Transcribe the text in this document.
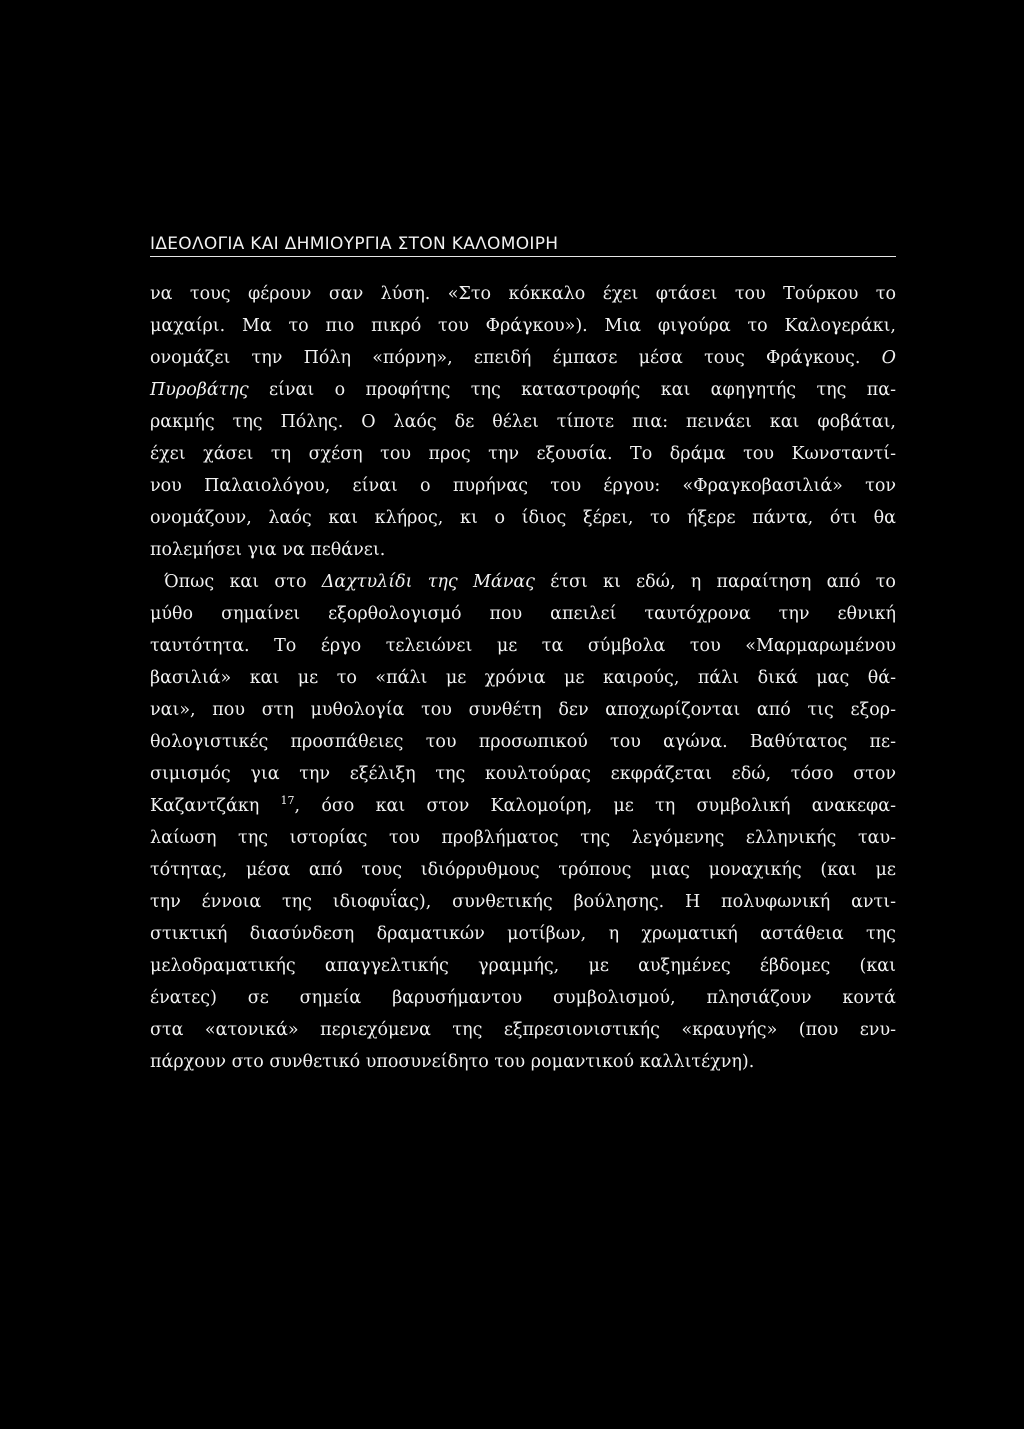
ΙΔΕΟΛΟΓΙΑ ΚΑΙ ΔΗΜΙΟΥΡΓΙΑ ΣΤΟΝ ΚΑΛΟΜΟΙΡΗ
να τους φέρουν σαν λύση. «Στο κόκκαλο έχει φτάσει του Τούρκου το
μαχαίρι. Μα το πιο πικρό του Φράγκου»). Μια φιγούρα το Καλογεράκι,
ονομάζει την Πόλη «πόρνη», επειδή έμπασε μέσα τους Φράγκους. Ο
Πυροβάτης είναι ο προφήτης της καταστροφής και αφηγητής της πα-
ρακμής της Πόλης. Ο λαός δε θέλει τίποτε πια: πεινάει και φοβάται,
έχει χάσει τη σχέση του προς την εξουσία. Το δράμα του Κωνσταντί-
νου Παλαιολόγου, είναι ο πυρήνας του έργου: «Φραγκοβασιλιά» τον
ονομάζουν, λαός και κλήρος, κι ο ίδιος ξέρει, το ήξερε πάντα, ότι θα
πολεμήσει για να πεθάνει.
Όπως και στο Δαχτυλίδι της Μάνας έτσι κι εδώ, η παραίτηση από το
μύθο σημαίνει εξορθολογισμό που απειλεί ταυτόχρονα την εθνική
ταυτότητα. Το έργο τελειώνει με τα σύμβολα του «Μαρμαρωμένου
βασιλιά» και με το «πάλι με χρόνια με καιρούς, πάλι δικά μας θά-
ναι», που στη μυθολογία του συνθέτη δεν αποχωρίζονται από τις εξορ-
θολογιστικές προσπάθειες του προσωπικού του αγώνα. Βαθύτατος πε-
σιμισμός για την εξέλιξη της κουλτούρας εκφράζεται εδώ, τόσο στον
Καζαντζάκη $^{17}$, όσο και στον Καλομοίρη, με τη συμβολική ανακεφα-
λαίωση της ιστορίας του προβλήματος της λεγόμενης ελληνικής ταυ-
τότητας, μέσα από τους ιδιόρρυθμους τρόπους μιας μοναχικής (και με
την έννοια της ιδιοφυΐας), συνθετικής βούλησης. Η πολυφωνική αντι-
στικτική διασύνδεση δραματικών μοτίβων, η χρωματική αστάθεια της
μελοδραματικής απαγγελτικής γραμμής, με αυξημένες έβδομες (και
ένατες) σε σημεία βαρυσήμαντου συμβολισμού, πλησιάζουν κοντά
στα «ατονικά» περιεχόμενα της εξπρεσιονιστικής «κραυγής» (που ενυ-
πάρχουν στο συνθετικό υποσυνείδητο του ρομαντικού καλλιτέχνη).
